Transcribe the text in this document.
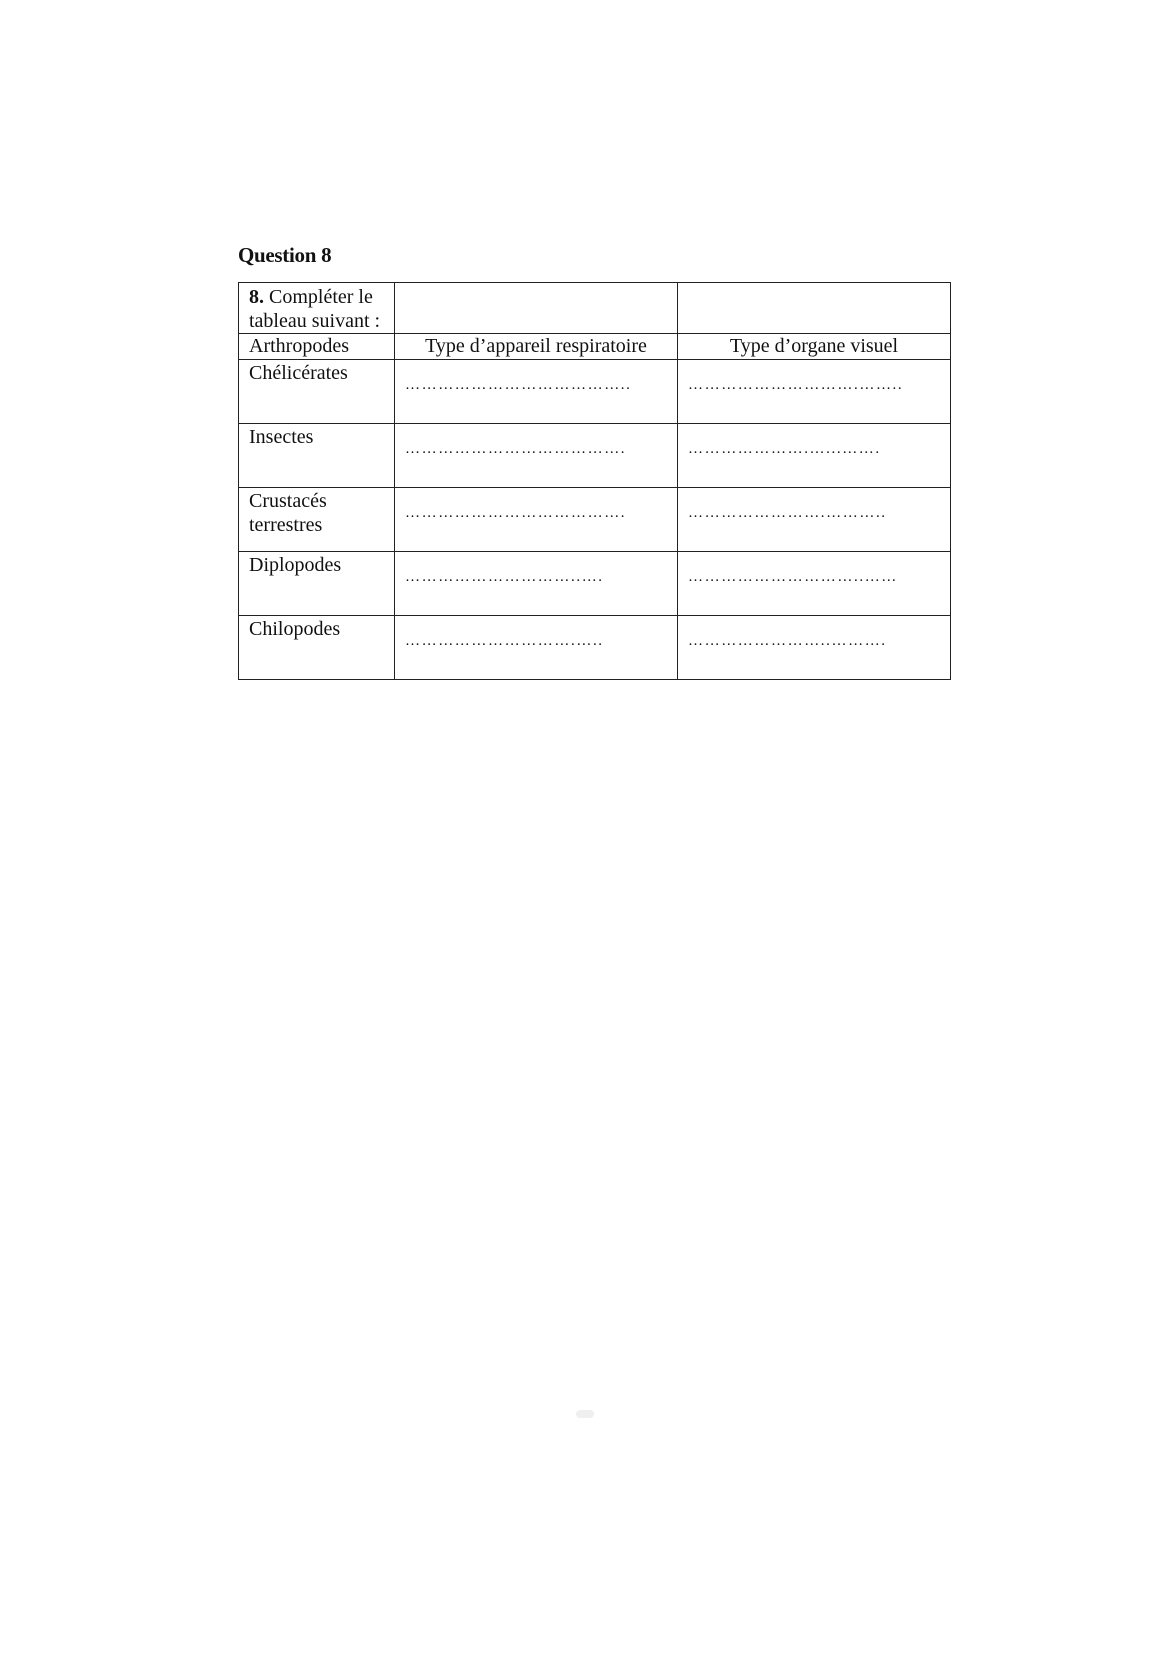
Question 8
8. Compléter le tableau suivant :		
Arthropodes	Type d’appareil respiratoire	Type d’organe visuel
Chélicérates	…………………………………..	………………………….……..
Insectes	………………………………….	………………….…...…….
Crustacés terrestres	………………………………….	…………………….………..
Diplopodes	…………………………..….	…………………………..……
Chilopodes	………………………….…..	……………………..……….
